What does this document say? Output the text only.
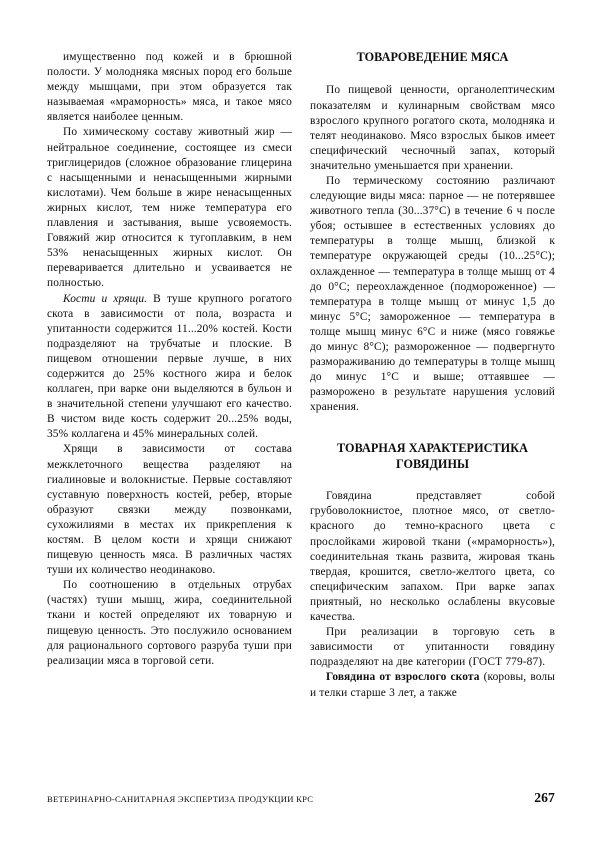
имущественно под кожей и в брюшной полости. У молодняка мясных пород его больше между мышцами, при этом образуется так называемая «мраморность» мяса, и такое мясо является наиболее ценным.

По химическому составу животный жир — нейтральное соединение, состоящее из смеси триглицеридов (сложное образование глицерина с насыщенными и ненасыщенными жирными кислотами). Чем больше в жире ненасыщенных жирных кислот, тем ниже температура его плавления и застывания, выше усвояемость. Говяжий жир относится к тугоплавким, в нем 53% ненасыщенных жирных кислот. Он переваривается длительно и усваивается не полностью.

Кости и хрящи. В туше крупного рогатого скота в зависимости от пола, возраста и упитанности содержится 11...20% костей. Кости подразделяют на трубчатые и плоские. В пищевом отношении первые лучше, в них содержится до 25% костного жира и белок коллаген, при варке они выделяются в бульон и в значительной степени улучшают его качество. В чистом виде кость содержит 20...25% воды, 35% коллагена и 45% минеральных солей.

Хрящи в зависимости от состава межклеточного вещества разделяют на гиалиновые и волокнистые. Первые составляют суставную поверхность костей, ребер, вторые образуют связки между позвонками, сухожилиями в местах их прикрепления к костям. В целом кости и хрящи снижают пищевую ценность мяса. В различных частях туши их количество неодинаково.

По соотношению в отдельных отрубах (частях) туши мышц, жира, соединительной ткани и костей определяют их товарную и пищевую ценность. Это послужило основанием для рационального сортового разруба туши при реализации мяса в торговой сети.

ТОВАРОВЕДЕНИЕ МЯСА

По пищевой ценности, органолептическим показателям и кулинарным свойствам мясо взрослого крупного рогатого скота, молодняка и телят неодинаково. Мясо взрослых быков имеет специфический чесночный запах, который значительно уменьшается при хранении.

По термическому состоянию различают следующие виды мяса: парное — не потерявшее животного тепла (30...37°С) в течение 6 ч после убоя; остывшее в естественных условиях до температуры в толще мышц, близкой к температуре окружающей среды (10...25°С); охлажденное — температура в толще мышц от 4 до 0°С; переохлажденное (подмороженное) — температура в толще мышц от минус 1,5 до минус 5°С; замороженное — температура в толще мышц минус 6°С и ниже (мясо говяжье до минус 8°С); размороженное — подвергнуто размораживанию до температуры в толще мышц до минус 1°С и выше; оттаявшее — разморожено в результате нарушения условий хранения.

ТОВАРНАЯ ХАРАКТЕРИСТИКА
ГОВЯДИНЫ

Говядина представляет собой грубоволокнистое, плотное мясо, от светло-красного до темно-красного цвета с прослойками жировой ткани («мраморность»), соединительная ткань развита, жировая ткань твердая, крошится, светло-желтого цвета, со специфическим запахом. При варке запах приятный, но несколько ослаблены вкусовые качества.

При реализации в торговую сеть в зависимости от упитанности говядину подразделяют на две категории (ГОСТ 779-87).

Говядина от взрослого скота (коровы, волы и телки старше 3 лет, а также

ВЕТЕРИНАРНО-САНИТАРНАЯ ЭКСПЕРТИЗА ПРОДУКЦИИ КРС	267
